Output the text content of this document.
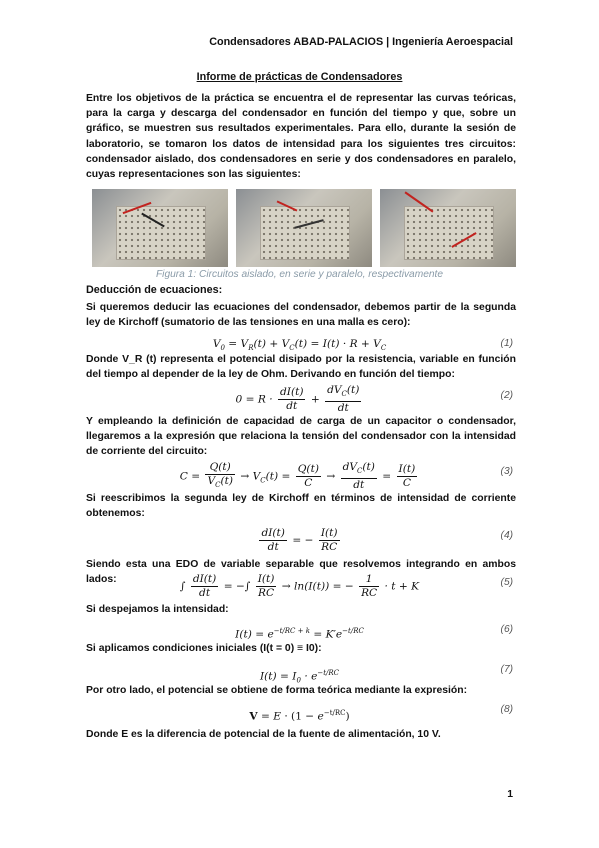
Condensadores ABAD-PALACIOS | Ingeniería Aeroespacial
Informe de prácticas de Condensadores
Entre los objetivos de la práctica se encuentra el de representar las curvas teóricas, para la carga y descarga del condensador en función del tiempo y que, sobre un gráfico, se muestren sus resultados experimentales. Para ello, durante la sesión de laboratorio, se tomaron los datos de intensidad para los siguientes tres circuitos: condensador aislado, dos condensadores en serie y dos condensadores en paralelo, cuyas representaciones son las siguientes:
Figura 1: Circuitos aislado, en serie y paralelo, respectivamente
Deducción de ecuaciones:
Si queremos deducir las ecuaciones del condensador, debemos partir de la segunda ley de Kirchoff (sumatorio de las tensiones en una malla es cero):
$V_0 = V_R(t) + V_C(t) = I(t) \cdot R + V_C$	(1)
Donde V_R (t) representa el potencial disipado por la resistencia, variable en función del tiempo al depender de la ley de Ohm. Derivando en función del tiempo:
$0 = R \cdot \frac{dI(t)}{dt} + \frac{dV_C(t)}{dt}$	(2)
Y empleando la definición de capacidad de carga de un capacitor o condensador, llegaremos a la expresión que relaciona la tensión del condensador con la intensidad de corriente del circuito:
$C = \frac{Q(t)}{V_C(t)} \to V_C(t) = \frac{Q(t)}{C} \to \frac{dV_C(t)}{dt} = \frac{I(t)}{C}$	(3)
Si reescribimos la segunda ley de Kirchoff en términos de intensidad de corriente obtenemos:
$\frac{dI(t)}{dt}$ = − $\frac{I(t)}{RC}$	(4)
Siendo esta una EDO de variable separable que resolvemos integrando en ambos lados:
∫ $\frac{dI(t)}{dt}$ = −∫ $\frac{I(t)}{RC} \to \ln(I(t))$ = − $\frac{1}{RC} \cdot t + K$	(5)
Si despejamos la intensidad:
$I(t) = e^{-t/RC + k} = K'e^{-t/RC}$	(6)
Si aplicamos condiciones iniciales (I(t = 0) ≡ I0):
$I(t) = I_0 \cdot e^{-t/RC}$	(7)
Por otro lado, el potencial se obtiene de forma teórica mediante la expresión:
$V = E \cdot (1 - e^{-t/RC})$
(8)
Donde E es la diferencia de potencial de la fuente de alimentación, 10 V.
1
